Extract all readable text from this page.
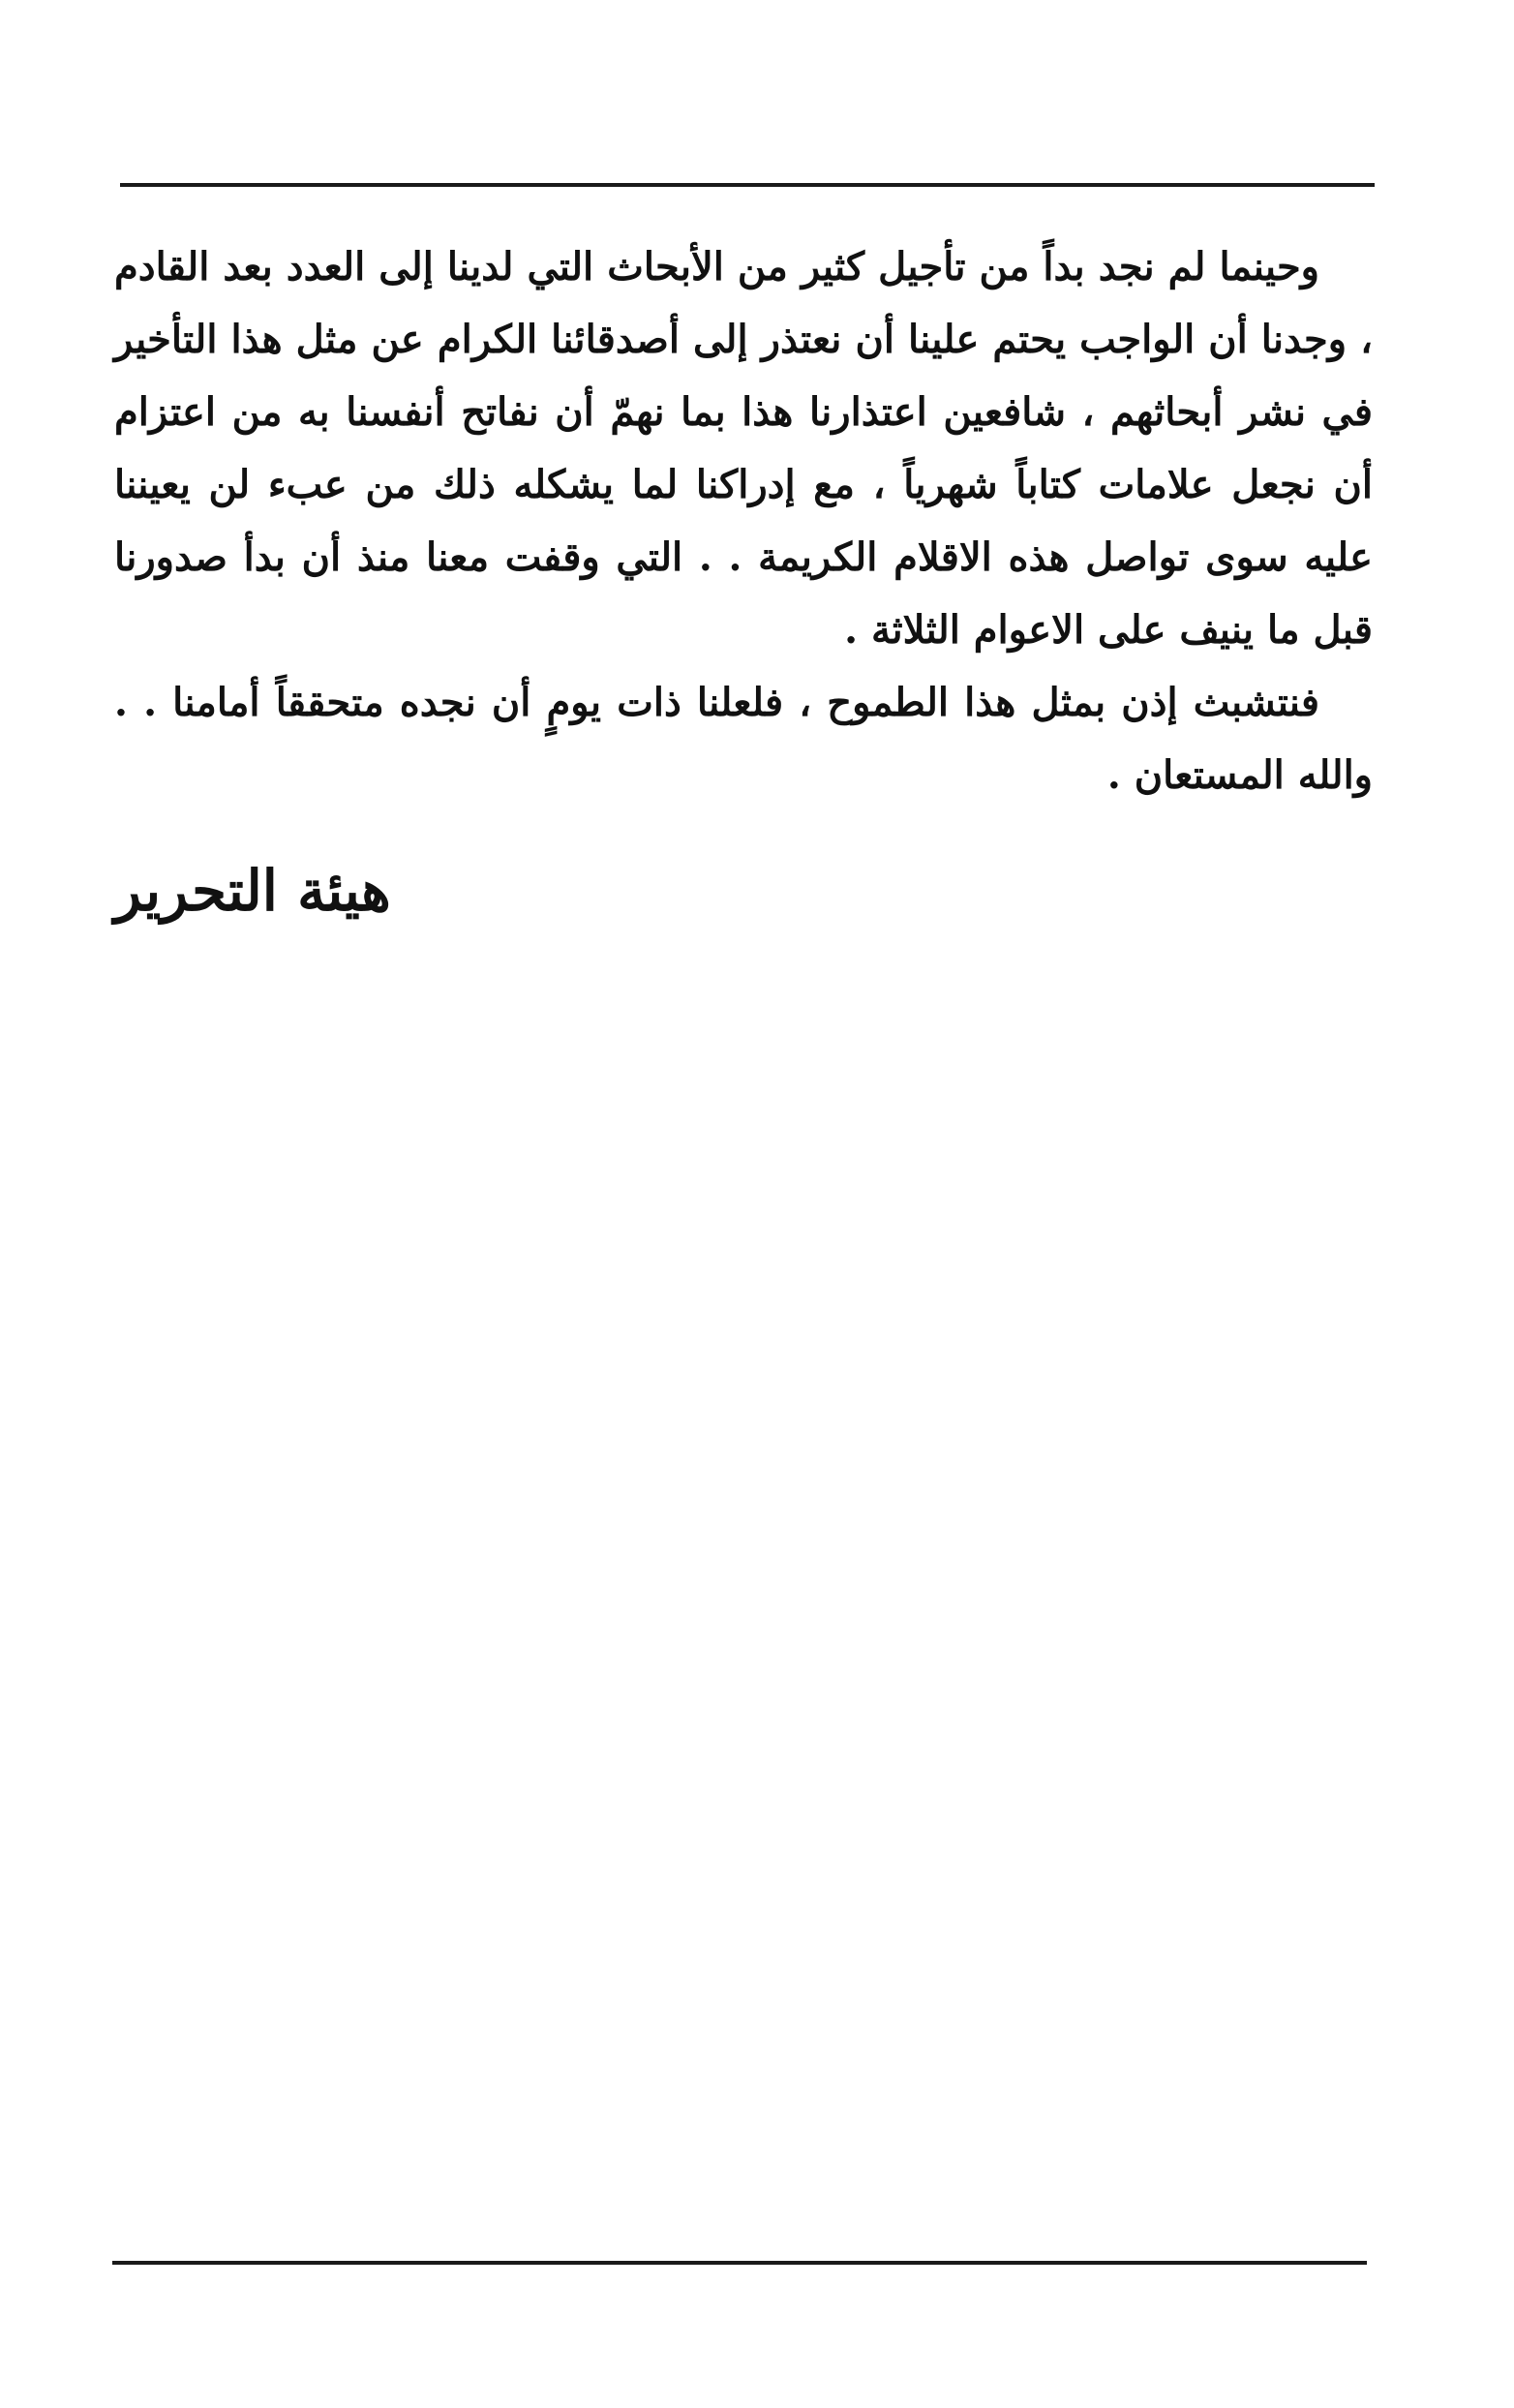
وحينما لم نجد بداً من تأجيل كثير من الأبحاث التي لدينا إلى العدد بعد القادم ، وجدنا أن الواجب يحتم علينا أن نعتذر إلى أصدقائنا الكرام عن مثل هذا التأخير في نشر أبحاثهم ، شافعين اعتذارنا هذا بما نهمّ أن نفاتح أنفسنا به من اعتزام أن نجعل علامات كتاباً شهرياً ، مع إدراكنا لما يشكله ذلك من عبء لن يعيننا عليه سوى تواصل هذه الاقلام الكريمة . . التي وقفت معنا منذ أن بدأ صدورنا قبل ما ينيف على الاعوام الثلاثة .

فنتشبث إذن بمثل هذا الطموح ، فلعلنا ذات يومٍ أن نجده متحققاً أمامنا . . والله المستعان .

هيئة التحرير
